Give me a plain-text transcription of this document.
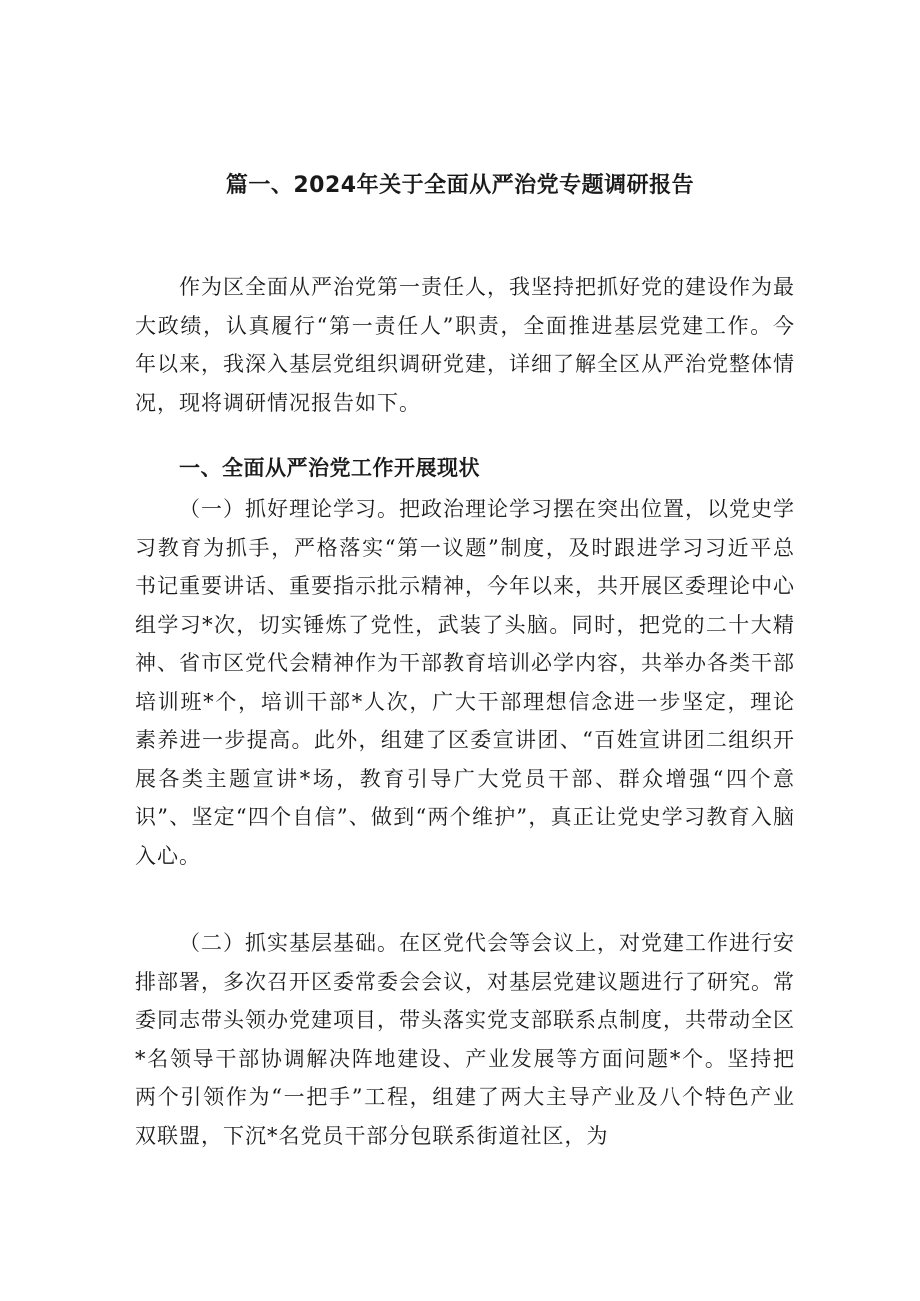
篇一、2024年关于全面从严治党专题调研报告

作为区全面从严治党第一责任人，我坚持把抓好党的建设作为最大政绩，认真履行“第一责任人”职责，全面推进基层党建工作。今年以来，我深入基层党组织调研党建，详细了解全区从严治党整体情况，现将调研情况报告如下。

一、全面从严治党工作开展现状

（一）抓好理论学习。把政治理论学习摆在突出位置，以党史学习教育为抓手，严格落实“第一议题”制度，及时跟进学习习近平总书记重要讲话、重要指示批示精神，今年以来，共开展区委理论中心组学习*次，切实锤炼了党性，武装了头脑。同时，把党的二十大精神、省市区党代会精神作为干部教育培训必学内容，共举办各类干部培训班*个，培训干部*人次，广大干部理想信念进一步坚定，理论素养进一步提高。此外，组建了区委宣讲团、“百姓宣讲团二组织开展各类主题宣讲*场，教育引导广大党员干部、群众增强“四个意识”、坚定“四个自信”、做到“两个维护”，真正让党史学习教育入脑入心。

（二）抓实基层基础。在区党代会等会议上，对党建工作进行安排部署，多次召开区委常委会会议，对基层党建议题进行了研究。常委同志带头领办党建项目，带头落实党支部联系点制度，共带动全区*名领导干部协调解决阵地建设、产业发展等方面问题*个。坚持把两个引领作为“一把手”工程，组建了两大主导产业及八个特色产业双联盟，下沉*名党员干部分包联系街道社区，为
